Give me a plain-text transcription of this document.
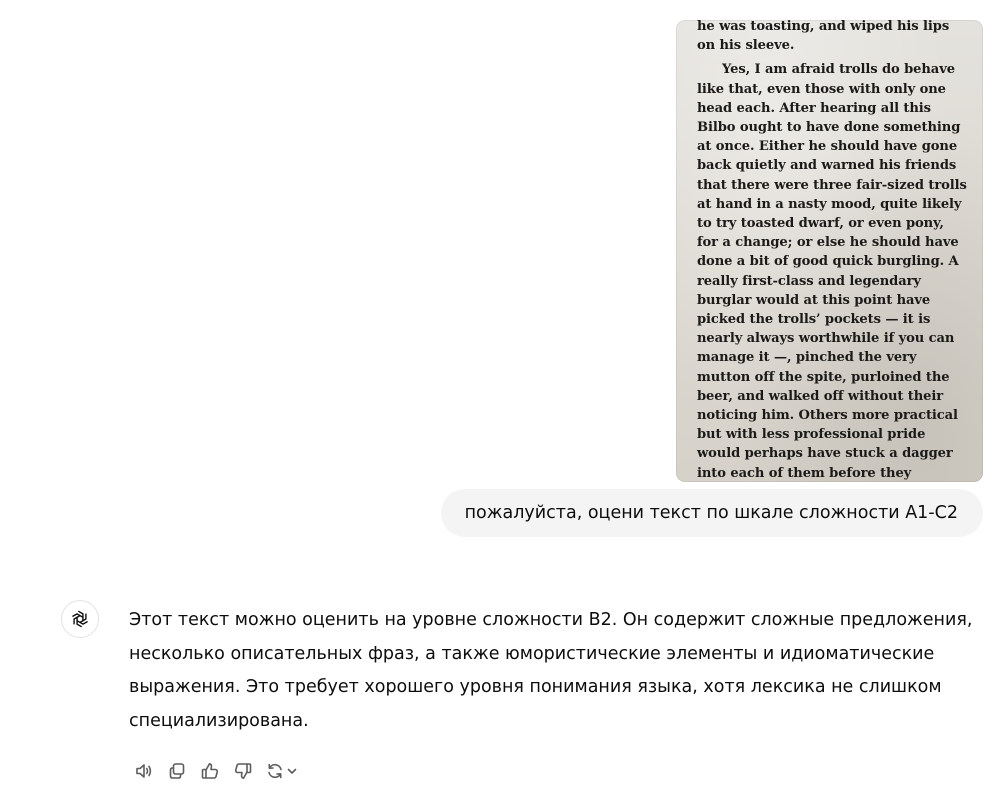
he was toasting, and wiped his lips on his sleeve.

Yes, I am afraid trolls do behave like that, even those with only one head each. After hearing all this Bilbo ought to have done something at once. Either he should have gone back quietly and warned his friends that there were three fair-sized trolls at hand in a nasty mood, quite likely to try toasted dwarf, or even pony, for a change; or else he should have done a bit of good quick burgling. A really first-class and legendary burglar would at this point have picked the trolls’ pockets — it is nearly always worthwhile if you can manage it —, pinched the very mutton off the spite, purloined the beer, and walked off without their noticing him. Others more practical but with less professional pride would perhaps have stuck a dagger into each of them before they

пожалуйста, оцени текст по шкале сложности A1-C2

Этот текст можно оценить на уровне сложности B2. Он содержит сложные предложения, несколько описательных фраз, а также юмористические элементы и идиоматические выражения. Это требует хорошего уровня понимания языка, хотя лексика не слишком специализирована.
